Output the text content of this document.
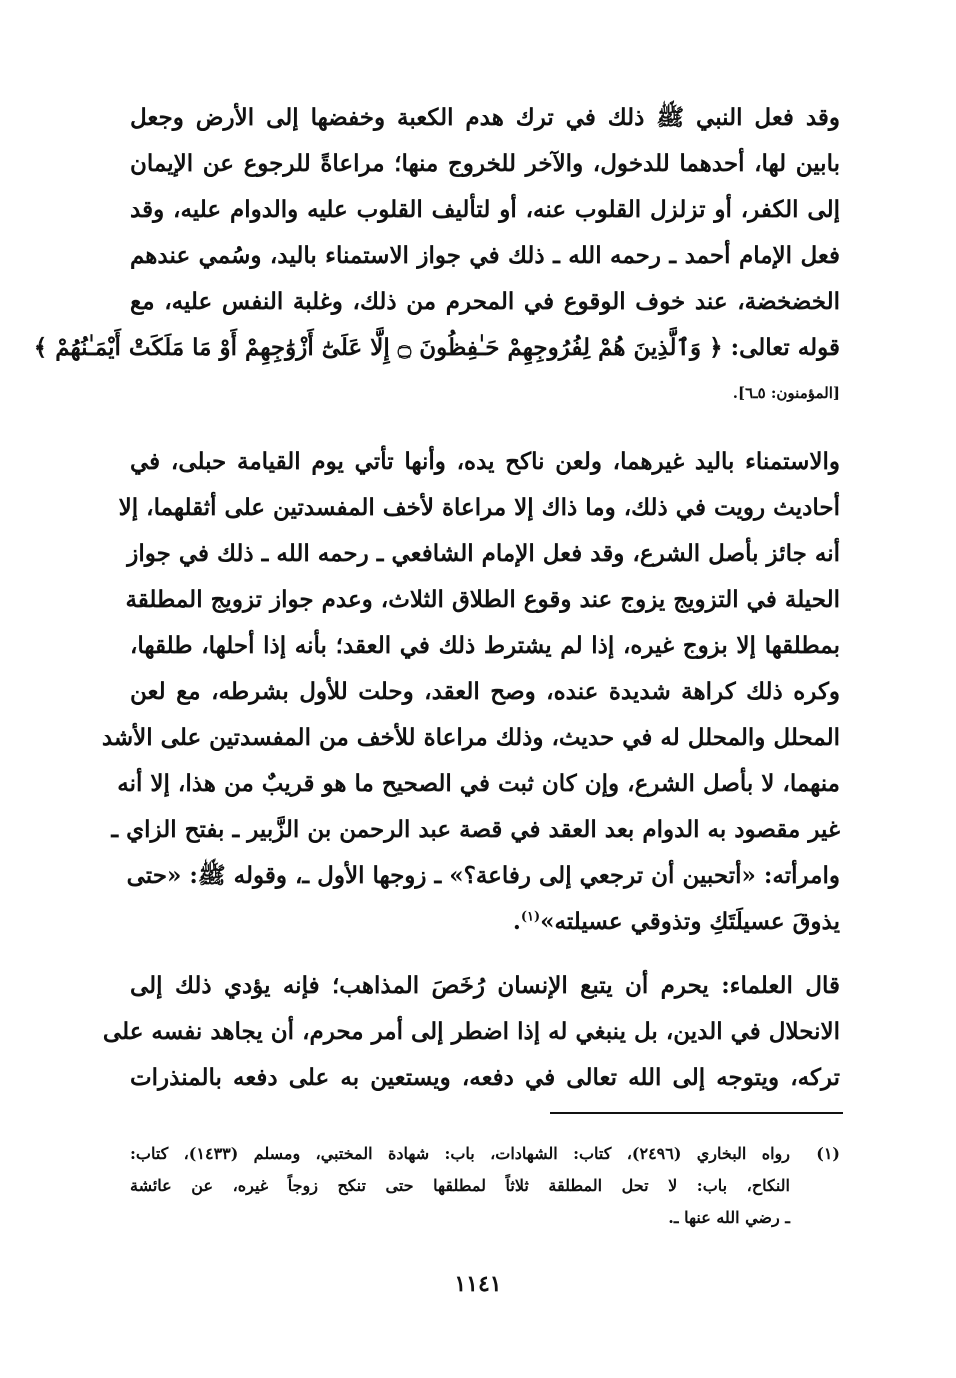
وقد فعل النبي ﷺ ذلك في ترك هدم الكعبة وخفضها إلى الأرض وجعل
بابين لها، أحدهما للدخول، والآخر للخروج منها؛ مراعاةً للرجوع عن الإيمان
إلى الكفر، أو تزلزل القلوب عنه، أو لتأليف القلوب عليه والدوام عليه، وقد
فعل الإمام أحمد ـ رحمه الله ـ ذلك في جواز الاستمناء باليد، وسُمي عندهم
الخضخضة، عند خوف الوقوع في المحرم من ذلك، وغلبة النفس عليه، مع
قوله تعالى: ﴿ وَٱلَّذِينَ هُمْ لِفُرُوجِهِمْ حَـٰفِظُونَ ۝ إِلَّا عَلَىٰٓ أَزْوَٰجِهِمْ أَوْ مَا مَلَكَتْ أَيْمَـٰنُهُمْ ﴾
[المؤمنون: ٥ـ٦].
والاستمناء باليد غيرهما، ولعن ناكح يده، وأنها تأتي يوم القيامة حبلى، في
أحاديث رويت في ذلك، وما ذاك إلا مراعاة لأخف المفسدتين على أثقلهما، إلا
أنه جائز بأصل الشرع، وقد فعل الإمام الشافعي ـ رحمه الله ـ ذلك في جواز
الحيلة في التزويج يزوج عند وقوع الطلاق الثلاث، وعدم جواز تزويج المطلقة
بمطلقها إلا بزوج غيره، إذا لم يشترط ذلك في العقد؛ بأنه إذا أحلها، طلقها،
وكره ذلك كراهة شديدة عنده، وصح العقد، وحلت للأول بشرطه، مع لعن
المحلل والمحلل له في حديث، وذلك مراعاة للأخف من المفسدتين على الأشد
منهما، لا بأصل الشرع، وإن كان ثبت في الصحيح ما هو قريبٌ من هذا، إلا أنه
غير مقصود به الدوام بعد العقد في قصة عبد الرحمن بن الزَّبير ـ بفتح الزاي ـ
وامرأته: «أتحبين أن ترجعي إلى رفاعة؟» ـ زوجها الأول ـ، وقوله ﷺ: «حتى
يذوقَ عسيلَتَكِ وتذوقي عسيلته»$^{(١)}$.
قال العلماء: يحرم أن يتبع الإنسان رُخَصَ المذاهب؛ فإنه يؤدي ذلك إلى
الانحلال في الدين، بل ينبغي له إذا اضطر إلى أمر محرم، أن يجاهد نفسه على
تركه، ويتوجه إلى الله تعالى في دفعه، ويستعين به على دفعه بالمنذرات
(١)
رواه البخاري (٢٤٩٦)، كتاب: الشهادات، باب: شهادة المختبي، ومسلم (١٤٣٣)، كتاب:
النكاح، باب: لا تحل المطلقة ثلاثاً لمطلقها حتى تنكح زوجاً غيره، عن عائشة
ـ رضي الله عنها ـ.
١١٤١
